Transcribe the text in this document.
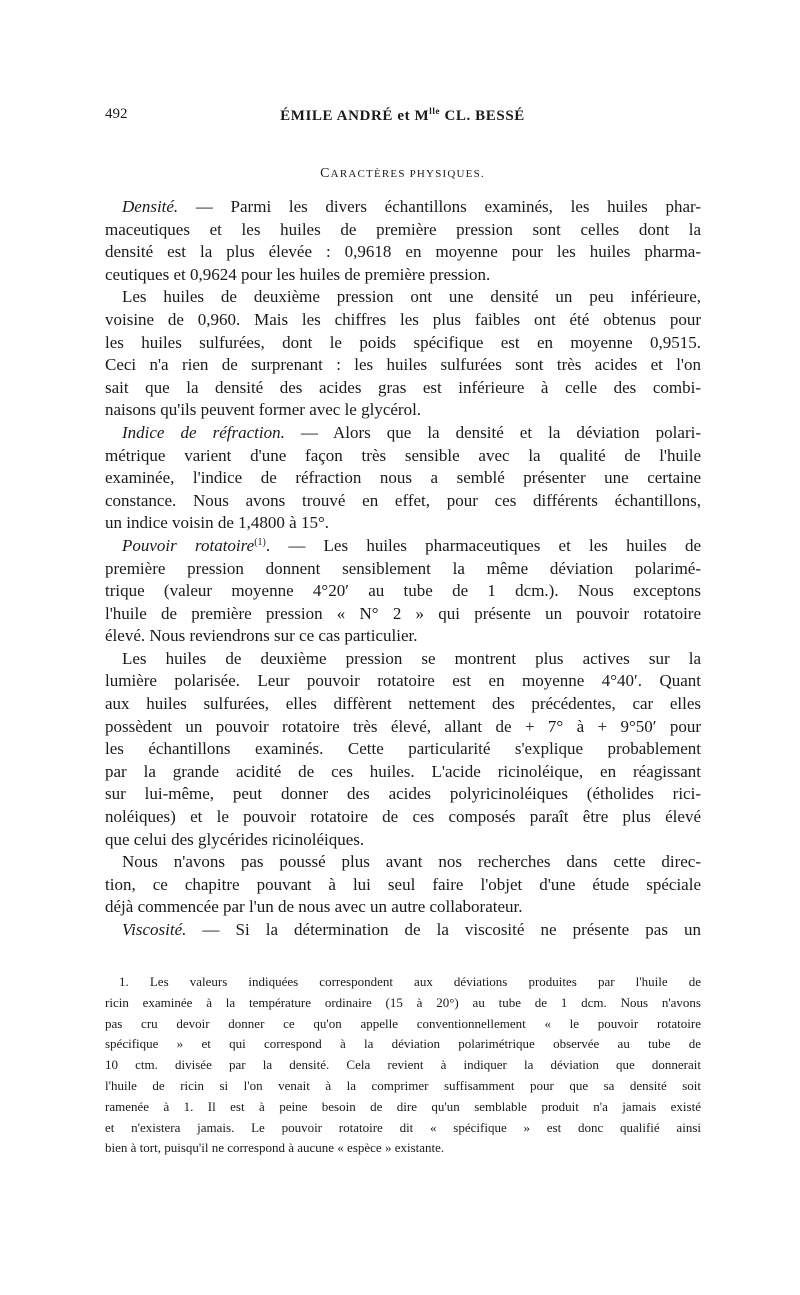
492	ÉMILE ANDRÉ et $M^{lle}$ CL. BESSÉ
CARACTÈRES PHYSIQUES.
Densité. — Parmi les divers échantillons examinés, les huiles phar-
maceutiques et les huiles de première pression sont celles dont la
densité est la plus élevée : 0,9618 en moyenne pour les huiles pharma-
ceutiques et 0,9624 pour les huiles de première pression.
Les huiles de deuxième pression ont une densité un peu inférieure,
voisine de 0,960. Mais les chiffres les plus faibles ont été obtenus pour
les huiles sulfurées, dont le poids spécifique est en moyenne 0,9515.
Ceci n'a rien de surprenant : les huiles sulfurées sont très acides et l'on
sait que la densité des acides gras est inférieure à celle des combi-
naisons qu'ils peuvent former avec le glycérol.
Indice de réfraction. — Alors que la densité et la déviation polari-
métrique varient d'une façon très sensible avec la qualité de l'huile
examinée, l'indice de réfraction nous a semblé présenter une certaine
constance. Nous avons trouvé en effet, pour ces différents échantillons,
un indice voisin de 1,4800 à 15°.
Pouvoir rotatoire$^{(1)}$. — Les huiles pharmaceutiques et les huiles de
première pression donnent sensiblement la même déviation polarimé-
trique (valeur moyenne 4°20′ au tube de 1 dcm.). Nous exceptons
l'huile de première pression « N° 2 » qui présente un pouvoir rotatoire
élevé. Nous reviendrons sur ce cas particulier.
Les huiles de deuxième pression se montrent plus actives sur la
lumière polarisée. Leur pouvoir rotatoire est en moyenne 4°40′. Quant
aux huiles sulfurées, elles diffèrent nettement des précédentes, car elles
possèdent un pouvoir rotatoire très élevé, allant de + 7° à + 9°50′ pour
les échantillons examinés. Cette particularité s'explique probablement
par la grande acidité de ces huiles. L'acide ricinoléique, en réagissant
sur lui-même, peut donner des acides polyricinoléiques (étholides rici-
noléiques) et le pouvoir rotatoire de ces composés paraît être plus élevé
que celui des glycérides ricinoléiques.
Nous n'avons pas poussé plus avant nos recherches dans cette direc-
tion, ce chapitre pouvant à lui seul faire l'objet d'une étude spéciale
déjà commencée par l'un de nous avec un autre collaborateur.
Viscosité. — Si la détermination de la viscosité ne présente pas un
1. Les valeurs indiquées correspondent aux déviations produites par l'huile de
ricin examinée à la température ordinaire (15 à 20°) au tube de 1 dcm. Nous n'avons
pas cru devoir donner ce qu'on appelle conventionnellement « le pouvoir rotatoire
spécifique » et qui correspond à la déviation polarimétrique observée au tube de
10 ctm. divisée par la densité. Cela revient à indiquer la déviation que donnerait
l'huile de ricin si l'on venait à la comprimer suffisamment pour que sa densité soit
ramenée à 1. Il est à peine besoin de dire qu'un semblable produit n'a jamais existé
et n'existera jamais. Le pouvoir rotatoire dit « spécifique » est donc qualifié ainsi
bien à tort, puisqu'il ne correspond à aucune « espèce » existante.
